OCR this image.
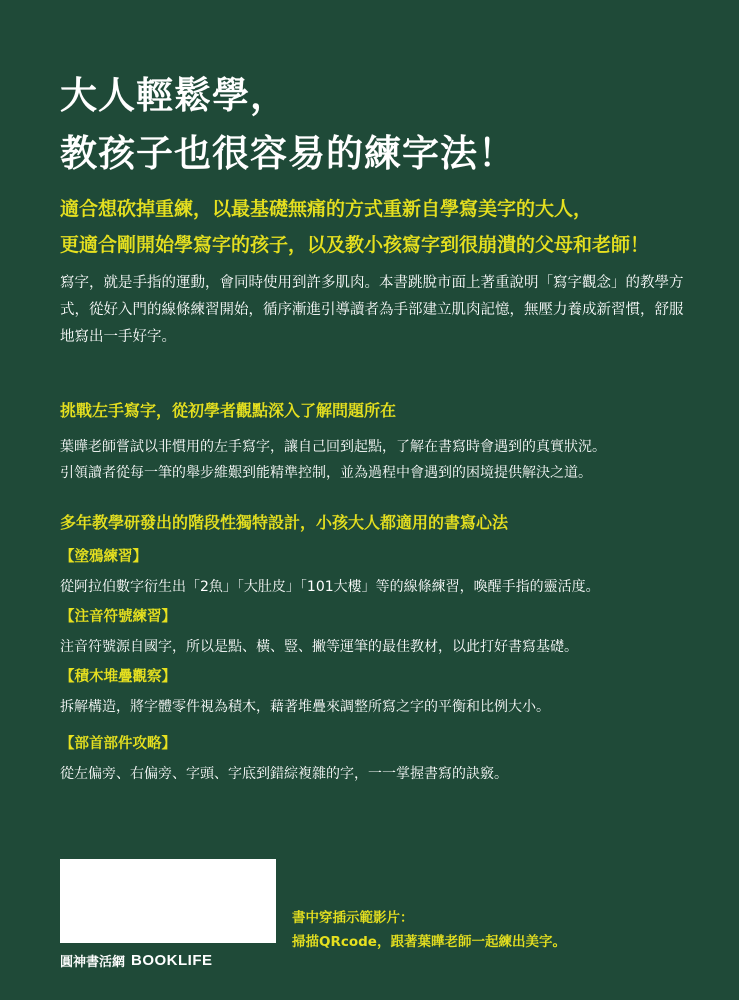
大人輕鬆學，
教孩子也很容易的練字法！

適合想砍掉重練，以最基礎無痛的方式重新自學寫美字的大人，
更適合剛開始學寫字的孩子，以及教小孩寫字到很崩潰的父母和老師！

寫字，就是手指的運動，會同時使用到許多肌肉。本書跳脫市面上著重說明「寫字觀念」的教學方式，從好入門的線條練習開始，循序漸進引導讀者為手部建立肌肉記憶，無壓力養成新習慣，舒服地寫出一手好字。

挑戰左手寫字，從初學者觀點深入了解問題所在

葉曄老師嘗試以非慣用的左手寫字，讓自己回到起點，了解在書寫時會遇到的真實狀況。
引領讀者從每一筆的舉步維艱到能精準控制，並為過程中會遇到的困境提供解決之道。

多年教學研發出的階段性獨特設計，小孩大人都適用的書寫心法
【塗鴉練習】
從阿拉伯數字衍生出「2魚」「大肚皮」「101大樓」等的線條練習，喚醒手指的靈活度。
【注音符號練習】
注音符號源自國字，所以是點、橫、豎、撇等運筆的最佳教材，以此打好書寫基礎。
【積木堆疊觀察】
拆解構造，將字體零件視為積木，藉著堆疊來調整所寫之字的平衡和比例大小。
【部首部件攻略】
從左偏旁、右偏旁、字頭、字底到錯綜複雜的字，一一掌握書寫的訣竅。
圓神書活網 BOOKLIFE

書中穿插示範影片：
掃描QRcode，跟著葉曄老師一起練出美字。
